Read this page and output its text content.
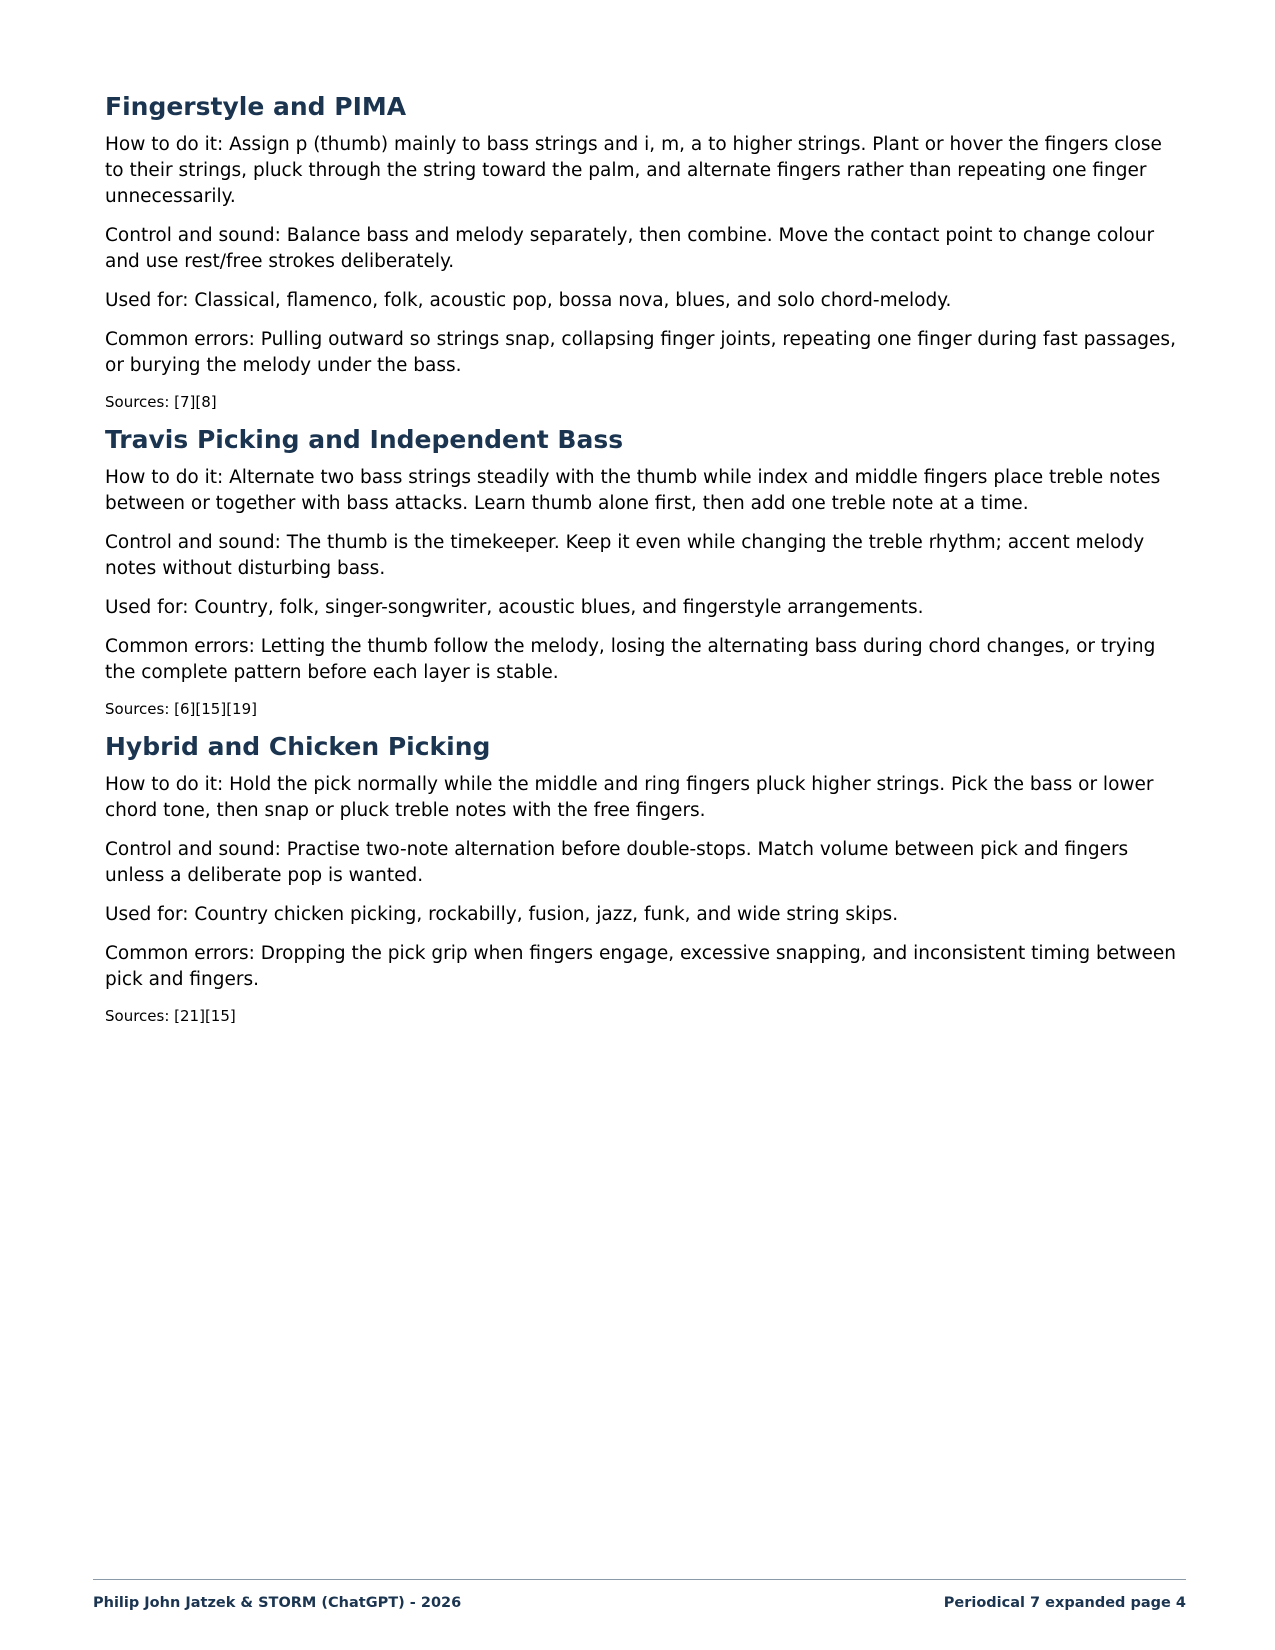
Fingerstyle and PIMA

How to do it: Assign p (thumb) mainly to bass strings and i, m, a to higher strings. Plant or hover the fingers close to their strings, pluck through the string toward the palm, and alternate fingers rather than repeating one finger unnecessarily.

Control and sound: Balance bass and melody separately, then combine. Move the contact point to change colour and use rest/free strokes deliberately.

Used for: Classical, flamenco, folk, acoustic pop, bossa nova, blues, and solo chord-melody.

Common errors: Pulling outward so strings snap, collapsing finger joints, repeating one finger during fast passages, or burying the melody under the bass.

Sources: [7][8]

Travis Picking and Independent Bass

How to do it: Alternate two bass strings steadily with the thumb while index and middle fingers place treble notes between or together with bass attacks. Learn thumb alone first, then add one treble note at a time.

Control and sound: The thumb is the timekeeper. Keep it even while changing the treble rhythm; accent melody notes without disturbing bass.

Used for: Country, folk, singer-songwriter, acoustic blues, and fingerstyle arrangements.

Common errors: Letting the thumb follow the melody, losing the alternating bass during chord changes, or trying the complete pattern before each layer is stable.

Sources: [6][15][19]

Hybrid and Chicken Picking

How to do it: Hold the pick normally while the middle and ring fingers pluck higher strings. Pick the bass or lower chord tone, then snap or pluck treble notes with the free fingers.

Control and sound: Practise two-note alternation before double-stops. Match volume between pick and fingers unless a deliberate pop is wanted.

Used for: Country chicken picking, rockabilly, fusion, jazz, funk, and wide string skips.

Common errors: Dropping the pick grip when fingers engage, excessive snapping, and inconsistent timing between pick and fingers.

Sources: [21][15]

Philip John Jatzek & STORM (ChatGPT) - 2026	Periodical 7 expanded page 4
